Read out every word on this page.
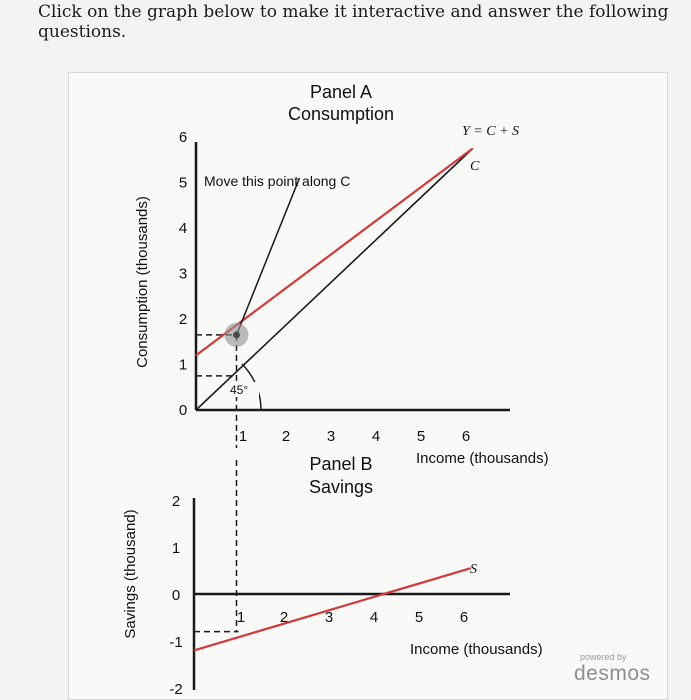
Click on the graph below to make it interactive and answer the following questions.
Panel A
Consumption
Consumption (thousands)
0
1
2
3
4
5
6
1 2 3 4 5 6
45°
Move this point along C
Y = C + S
C
Income (thousands)
Panel B
Savings
Savings (thousand)
2
1
0
-1
-2
1 2 3 4 5 6
S
Income (thousands)	powered by
desmos
